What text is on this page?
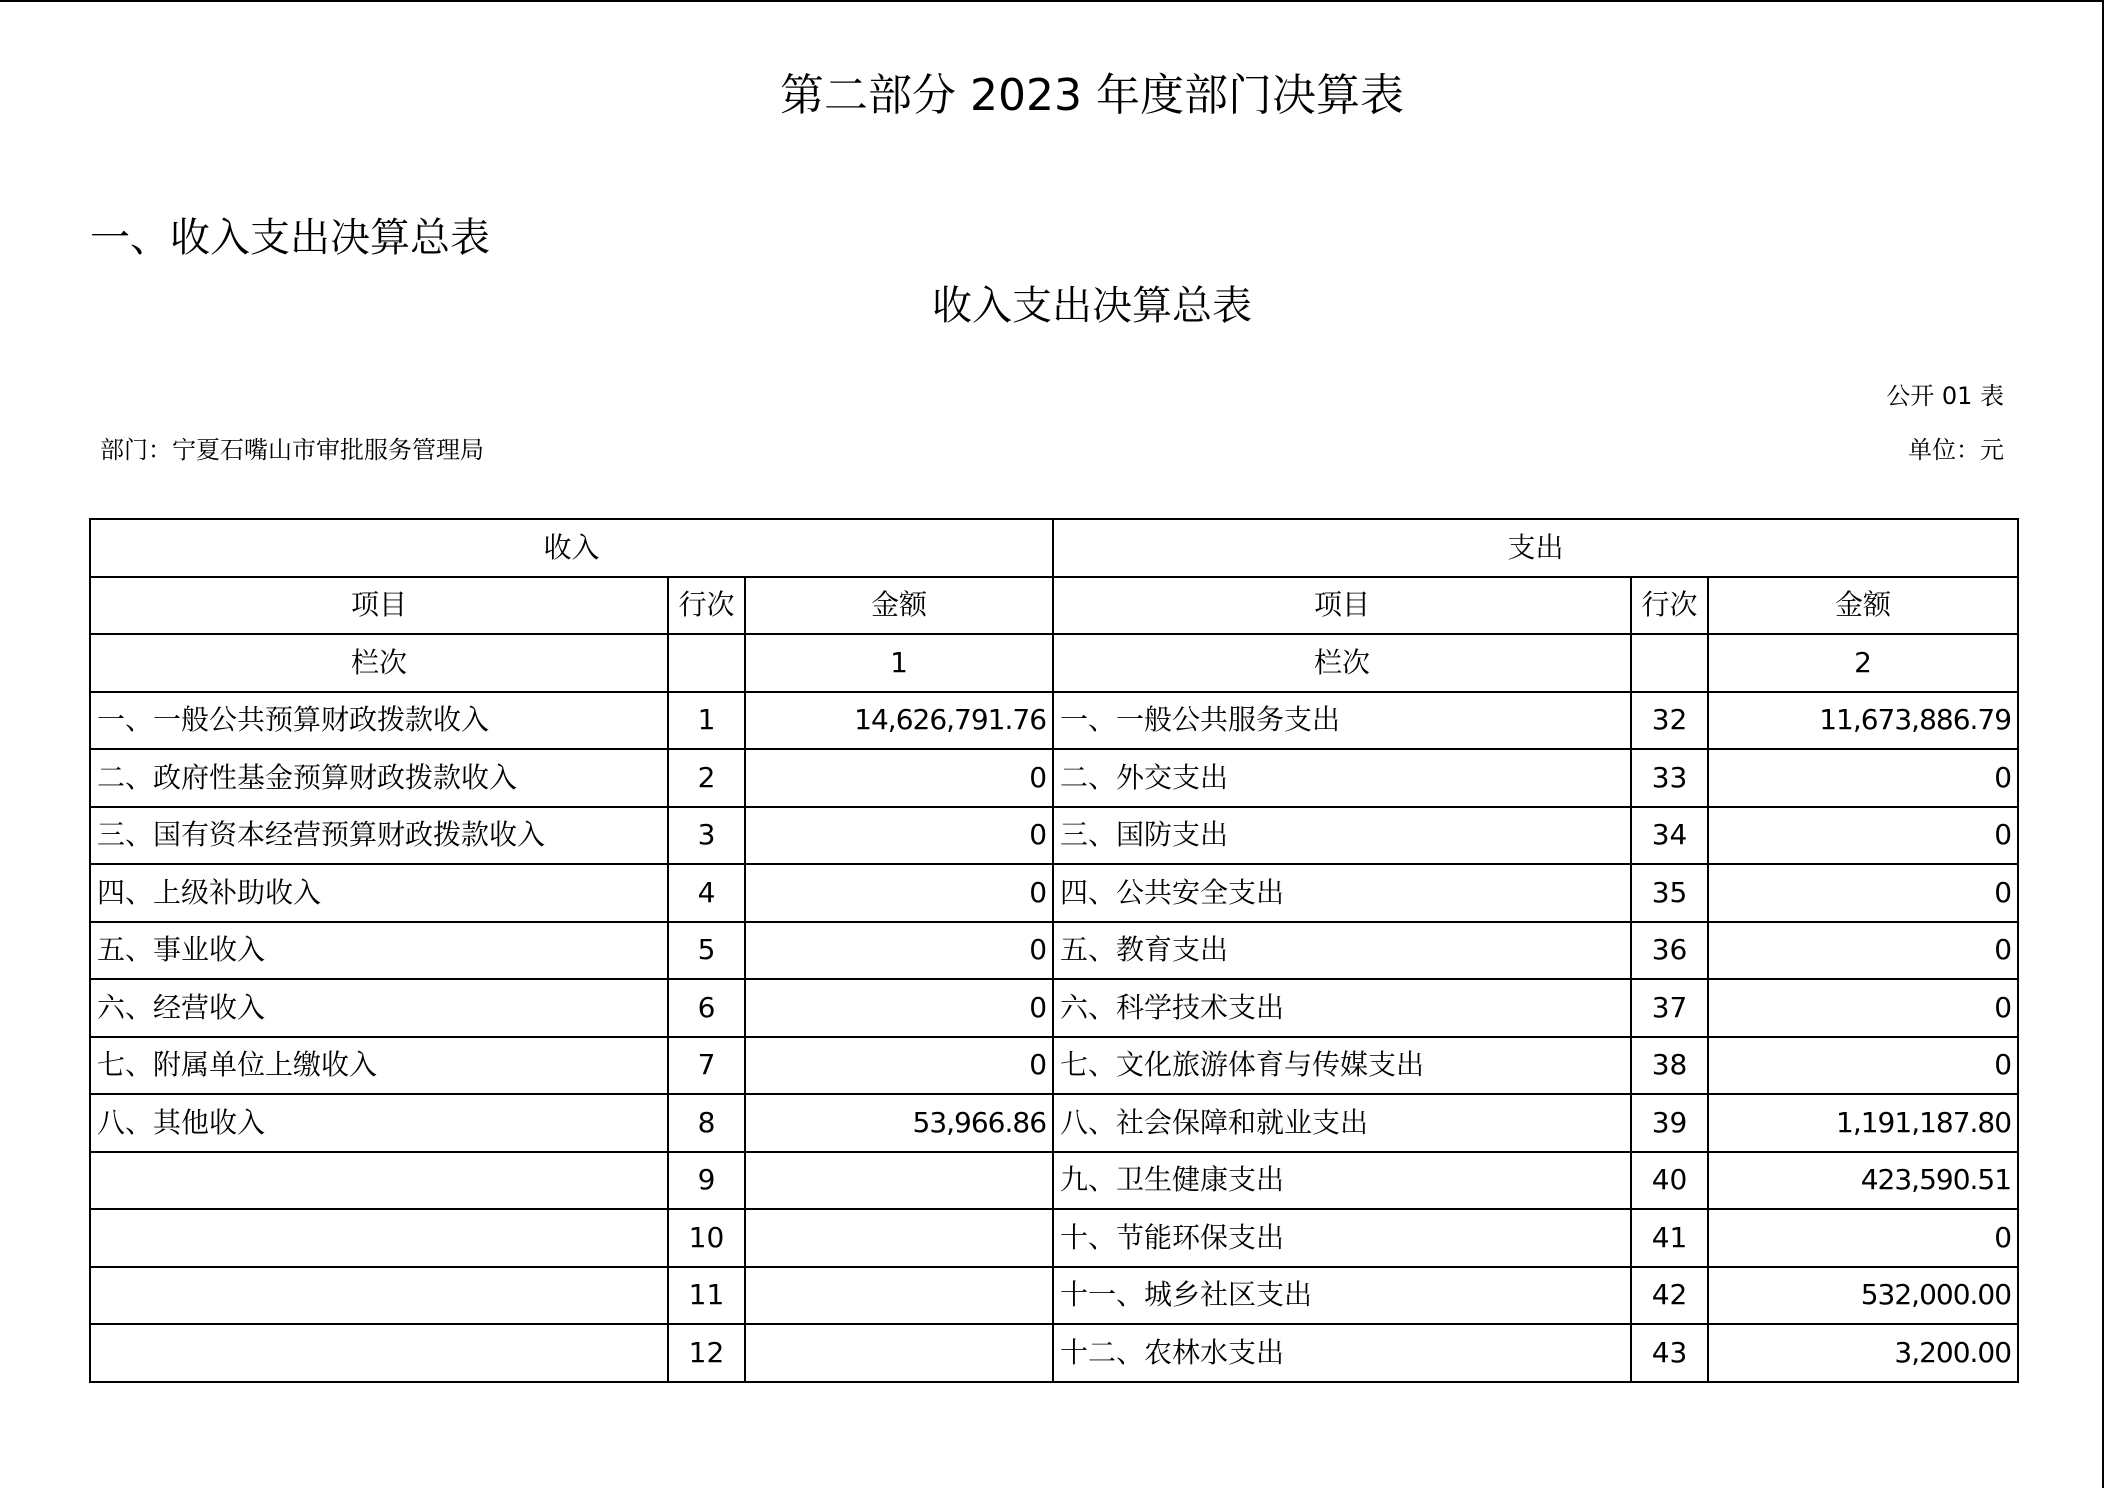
第二部分 2023 年度部门决算表
一、收入支出决算总表
收入支出决算总表
公开 01 表
部门：宁夏石嘴山市审批服务管理局	单位：元
收入			支出		
项目	行次	金额	项目	行次	金额
栏次		1	栏次		2
一、一般公共预算财政拨款收入	1	14,626,791.76	一、一般公共服务支出	32	11,673,886.79
二、政府性基金预算财政拨款收入	2	0	二、外交支出	33	0
三、国有资本经营预算财政拨款收入	3	0	三、国防支出	34	0
四、上级补助收入	4	0	四、公共安全支出	35	0
五、事业收入	5	0	五、教育支出	36	0
六、经营收入	6	0	六、科学技术支出	37	0
七、附属单位上缴收入	7	0	七、文化旅游体育与传媒支出	38	0
八、其他收入	8	53,966.86	八、社会保障和就业支出	39	1,191,187.80
	9		九、卫生健康支出	40	423,590.51
	10		十、节能环保支出	41	0
	11		十一、城乡社区支出	42	532,000.00
	12		十二、农林水支出	43	3,200.00
